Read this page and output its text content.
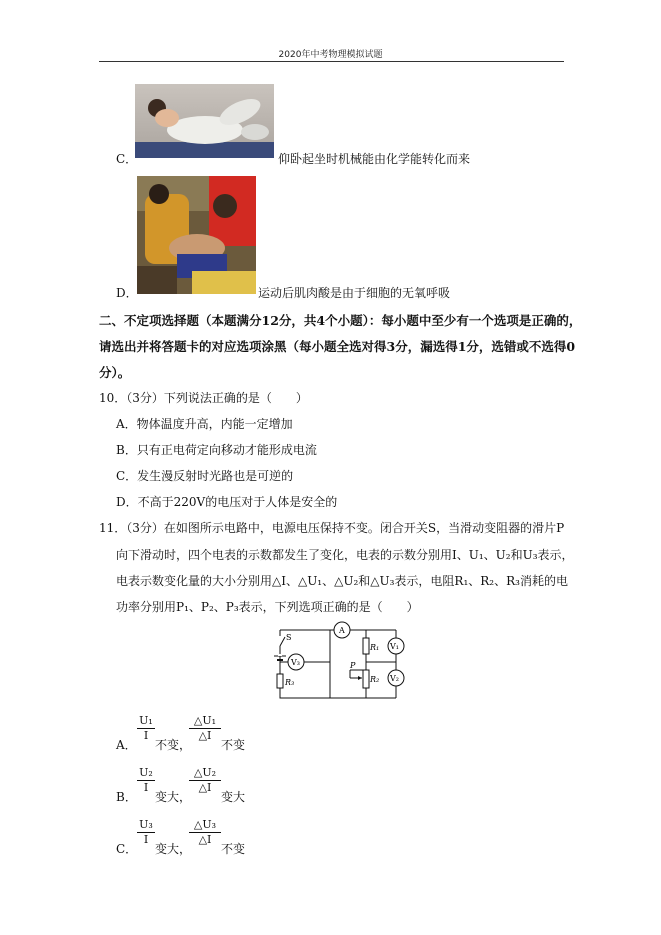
2020年中考物理模拟试题
C．	仰卧起坐时机械能由化学能转化而来
D．	运动后肌肉酸是由于细胞的无氧呼吸
二、不定项选择题（本题满分12分，共4个小题）：每小题中至少有一个选项是正确的，
请选出并将答题卡的对应选项涂黑（每小题全选对得3分，漏选得1分，选错或不选得0
分）。
10．（3分）下列说法正确的是（　　）
A．物体温度升高，内能一定增加
B．只有正电荷定向移动才能形成电流
C．发生漫反射时光路也是可逆的
D．不高于220V的电压对于人体是安全的
11．（3分）在如图所示电路中，电源电压保持不变。闭合开关S，当滑动变阻器的滑片P
向下滑动时，四个电表的示数都发生了变化，电表的示数分别用I、U₁、U₂和U₃表示，
电表示数变化量的大小分别用△I、△U₁、△U₂和△U₃表示，电阻R₁、R₂、R₃消耗的电
功率分别用P₁、P₂、P₃表示，下列选项正确的是（　　）
S
R₃
V₃
A
R₁ V₁
P
R₂ V₂
A．
U₁
I
不变，
△U₁
△I
不变
B．
U₂
I
变大，
△U₂
△I
变大
C．
U₃
I
变大，
△U₃
△I
不变
